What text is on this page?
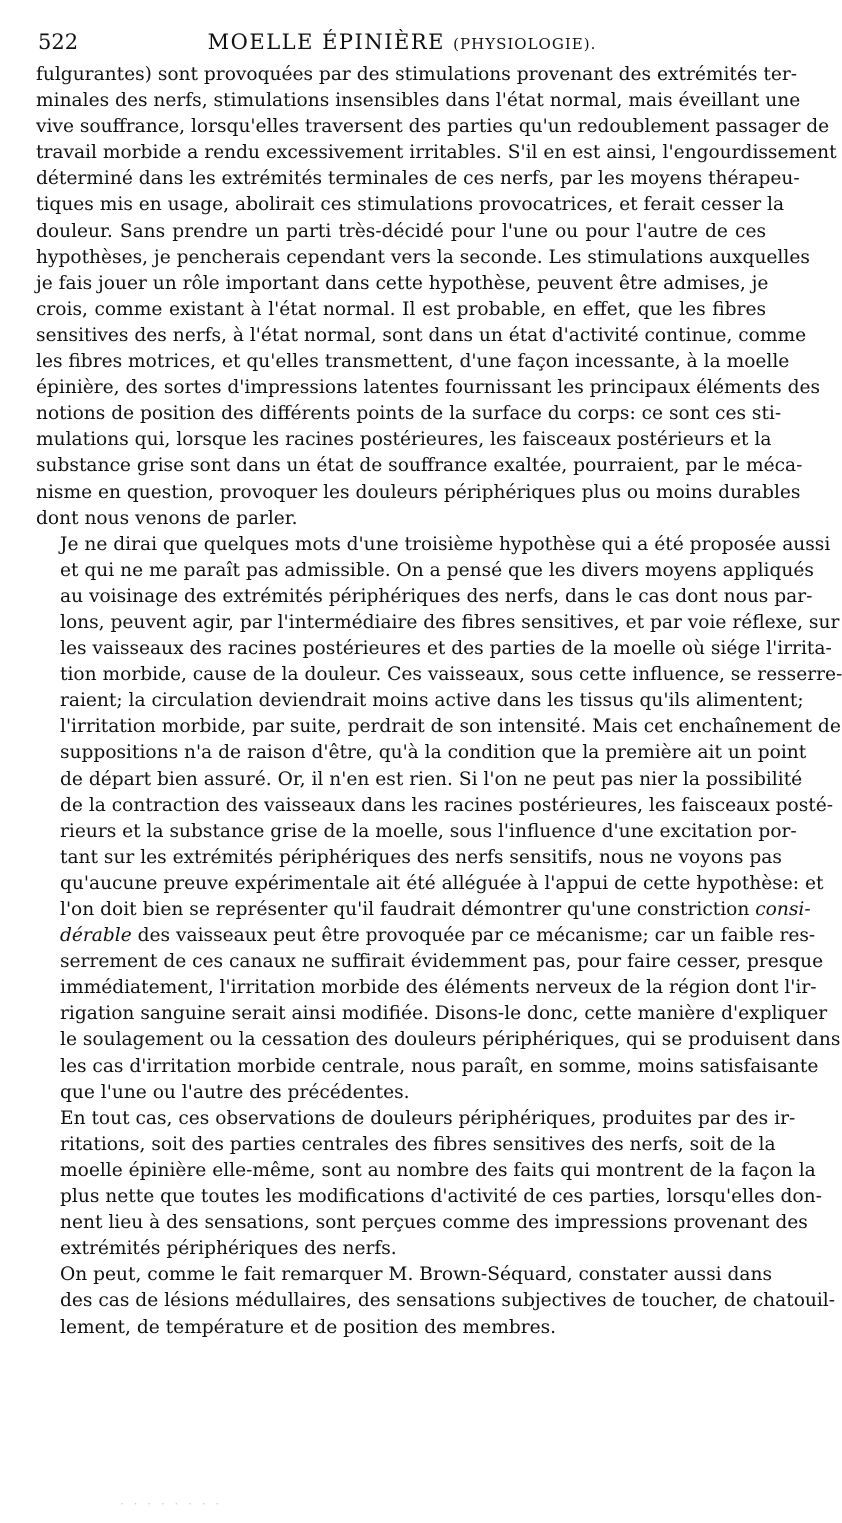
522	MOELLE ÉPINIÈRE (PHYSIOLOGIE).
fulgurantes) sont provoquées par des stimulations provenant des extrémités ter-
minales des nerfs, stimulations insensibles dans l'état normal, mais éveillant une
vive souffrance, lorsqu'elles traversent des parties qu'un redoublement passager de
travail morbide a rendu excessivement irritables. S'il en est ainsi, l'engourdissement
déterminé dans les extrémités terminales de ces nerfs, par les moyens thérapeu-
tiques mis en usage, abolirait ces stimulations provocatrices, et ferait cesser la
douleur. Sans prendre un parti très-décidé pour l'une ou pour l'autre de ces
hypothèses, je pencherais cependant vers la seconde. Les stimulations auxquelles
je fais jouer un rôle important dans cette hypothèse, peuvent être admises, je
crois, comme existant à l'état normal. Il est probable, en effet, que les fibres
sensitives des nerfs, à l'état normal, sont dans un état d'activité continue, comme
les fibres motrices, et qu'elles transmettent, d'une façon incessante, à la moelle
épinière, des sortes d'impressions latentes fournissant les principaux éléments des
notions de position des différents points de la surface du corps: ce sont ces sti-
mulations qui, lorsque les racines postérieures, les faisceaux postérieurs et la
substance grise sont dans un état de souffrance exaltée, pourraient, par le méca-
nisme en question, provoquer les douleurs périphériques plus ou moins durables
dont nous venons de parler.
Je ne dirai que quelques mots d'une troisième hypothèse qui a été proposée aussi
et qui ne me paraît pas admissible. On a pensé que les divers moyens appliqués
au voisinage des extrémités périphériques des nerfs, dans le cas dont nous par-
lons, peuvent agir, par l'intermédiaire des fibres sensitives, et par voie réflexe, sur
les vaisseaux des racines postérieures et des parties de la moelle où siége l'irrita-
tion morbide, cause de la douleur. Ces vaisseaux, sous cette influence, se resserre-
raient; la circulation deviendrait moins active dans les tissus qu'ils alimentent;
l'irritation morbide, par suite, perdrait de son intensité. Mais cet enchaînement de
suppositions n'a de raison d'être, qu'à la condition que la première ait un point
de départ bien assuré. Or, il n'en est rien. Si l'on ne peut pas nier la possibilité
de la contraction des vaisseaux dans les racines postérieures, les faisceaux posté-
rieurs et la substance grise de la moelle, sous l'influence d'une excitation por-
tant sur les extrémités périphériques des nerfs sensitifs, nous ne voyons pas
qu'aucune preuve expérimentale ait été alléguée à l'appui de cette hypothèse: et
l'on doit bien se représenter qu'il faudrait démontrer qu'une constriction consi-
dérable des vaisseaux peut être provoquée par ce mécanisme; car un faible res-
serrement de ces canaux ne suffirait évidemment pas, pour faire cesser, presque
immédiatement, l'irritation morbide des éléments nerveux de la région dont l'ir-
rigation sanguine serait ainsi modifiée. Disons-le donc, cette manière d'expliquer
le soulagement ou la cessation des douleurs périphériques, qui se produisent dans
les cas d'irritation morbide centrale, nous paraît, en somme, moins satisfaisante
que l'une ou l'autre des précédentes.
En tout cas, ces observations de douleurs périphériques, produites par des ir-
ritations, soit des parties centrales des fibres sensitives des nerfs, soit de la
moelle épinière elle-même, sont au nombre des faits qui montrent de la façon la
plus nette que toutes les modifications d'activité de ces parties, lorsqu'elles don-
nent lieu à des sensations, sont perçues comme des impressions provenant des
extrémités périphériques des nerfs.
On peut, comme le fait remarquer M. Brown-Séquard, constater aussi dans
des cas de lésions médullaires, des sensations subjectives de toucher, de chatouil-
lement, de température et de position des membres.
· · · · · · · ·
